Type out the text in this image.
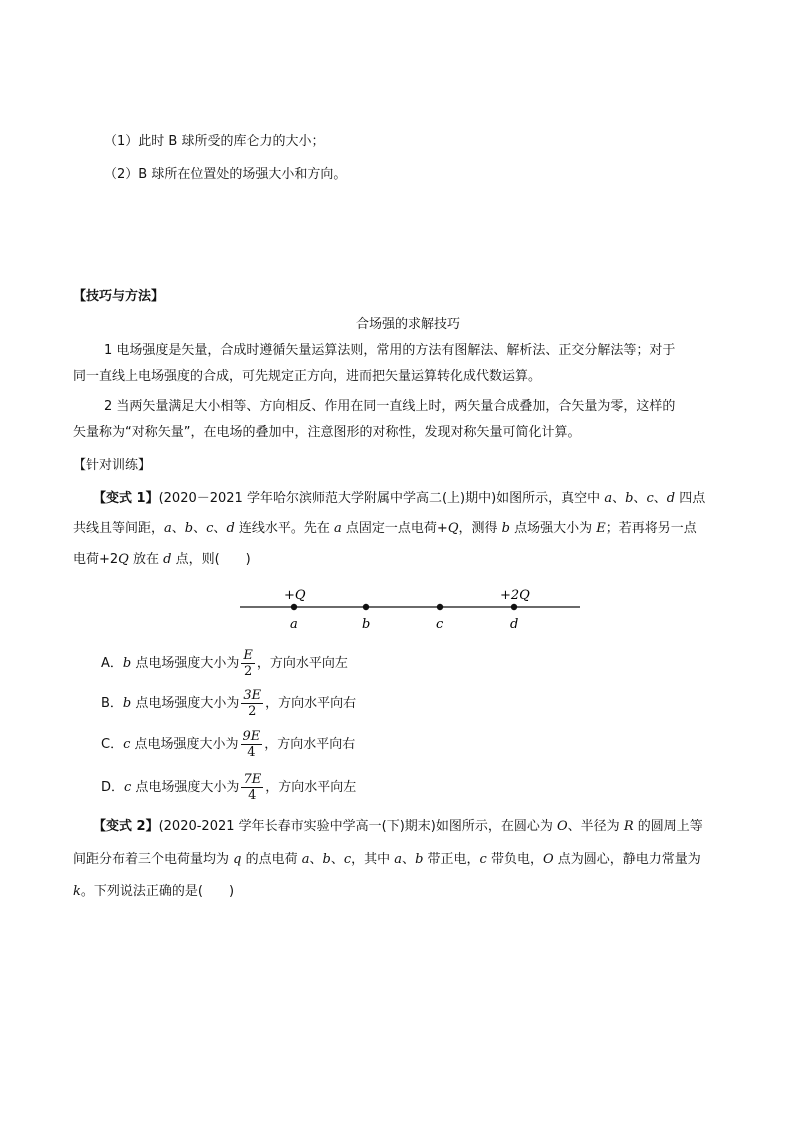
（1）此时 B 球所受的库仑力的大小；
（2）B 球所在位置处的场强大小和方向。
【技巧与方法】
合场强的求解技巧
1 电场强度是矢量，合成时遵循矢量运算法则，常用的方法有图解法、解析法、正交分解法等；对于
同一直线上电场强度的合成，可先规定正方向，进而把矢量运算转化成代数运算。
2 当两矢量满足大小相等、方向相反、作用在同一直线上时，两矢量合成叠加，合矢量为零，这样的
矢量称为“对称矢量”，在电场的叠加中，注意图形的对称性，发现对称矢量可简化计算。
【针对训练】
【变式 1】(2020－2021 学年哈尔滨师范大学附属中学高二(上)期中)如图所示，真空中 a、b、c、d 四点
共线且等间距，a、b、c、d 连线水平。先在 a 点固定一点电荷+Q，测得 b 点场强大小为 E；若再将另一点
电荷+2Q 放在 d 点，则(　　)
+Q	+2Q
a	b	c	d
A．b 点电场强度大小为 $\frac{E}{2}$ ，方向水平向左
B．b 点电场强度大小为 $\frac{3E}{2}$ ，方向水平向右
C．c 点电场强度大小为 $\frac{9E}{4}$ ，方向水平向右
D．c 点电场强度大小为 $\frac{7E}{4}$ ，方向水平向左
【变式 2】(2020-2021 学年长春市实验中学高一(下)期末)如图所示，在圆心为 O、半径为 R 的圆周上等
间距分布着三个电荷量均为 q 的点电荷 a、b、c，其中 a、b 带正电，c 带负电，O 点为圆心，静电力常量为
k。下列说法正确的是(　　)
